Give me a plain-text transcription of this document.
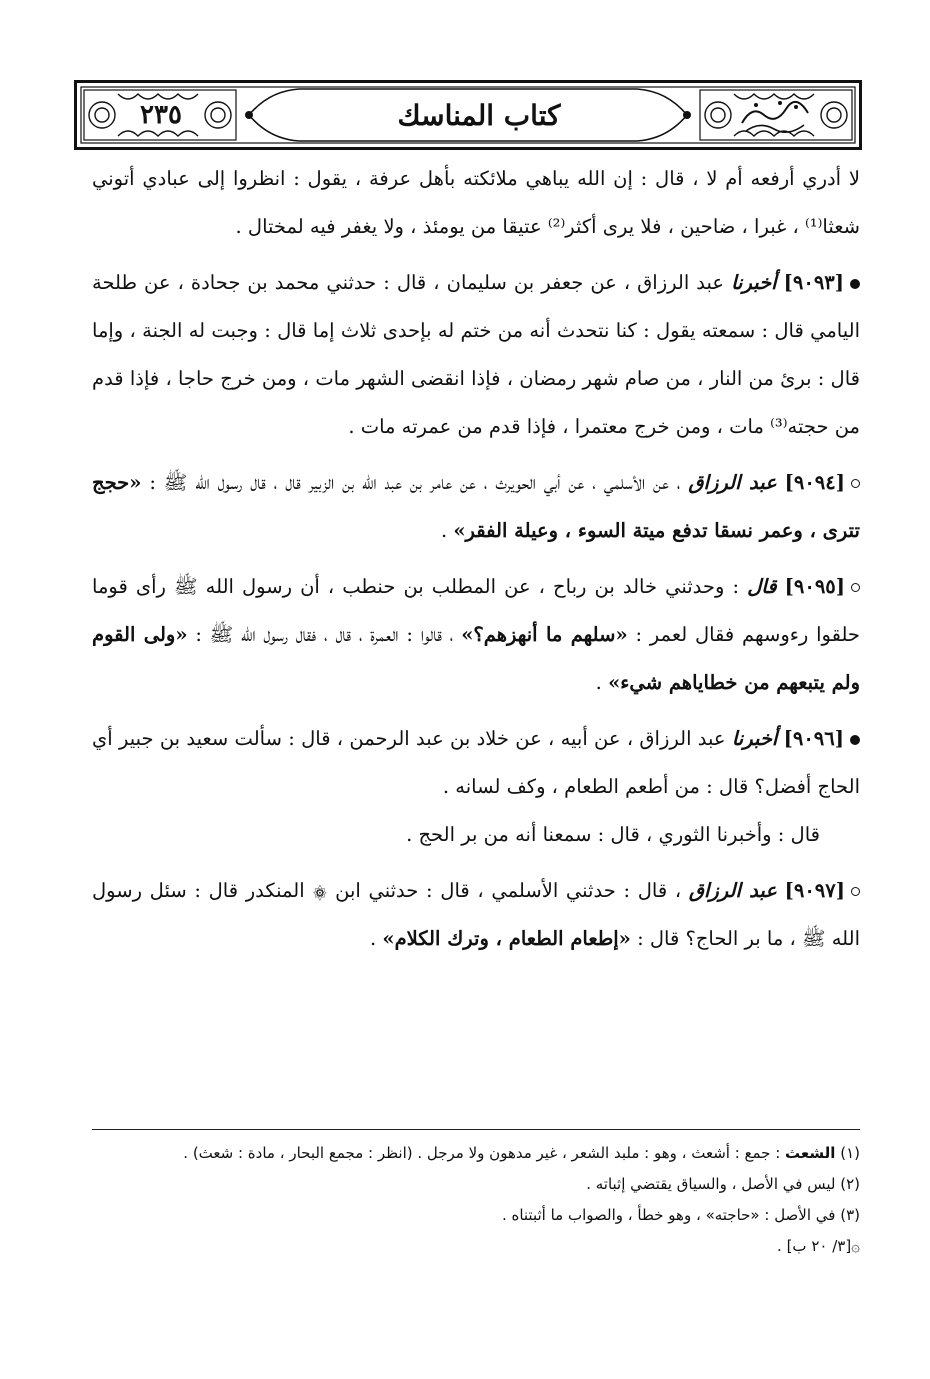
٢٣٥	كتاب المناسك

لا أدري أرفعه أم لا ، قال : إن الله يباهي ملائكته بأهل عرفة ، يقول : انظروا إلى عبادي أتوني شعثا⁽¹⁾ ، غبرا ، ضاحين ، فلا يرى أكثر⁽²⁾ عتيقا من يومئذ ، ولا يغفر فيه لمختال .

[٩٠٩٣] أخبرنا عبد الرزاق ، عن جعفر بن سليمان ، قال : حدثني محمد بن جحادة ، عن طلحة اليامي قال : سمعته يقول : كنا نتحدث أنه من ختم له بإحدى ثلاث إما قال : وجبت له الجنة ، وإما قال : برئ من النار ، من صام شهر رمضان ، فإذا انقضى الشهر مات ، ومن خرج حاجا ، فإذا قدم من حجته⁽³⁾ مات ، ومن خرج معتمرا ، فإذا قدم من عمرته مات .

[٩٠٩٤] عبد الرزاق ، عن الأسلمي ، عن أبي الحويرث ، عن عامر بن عبد الله بن الزبير قال ، قال رسول الله ﷺ : «حجج تترى ، وعمر نسقا تدفع ميتة السوء ، وعيلة الفقر» .

[٩٠٩٥] قال : وحدثني خالد بن رباح ، عن المطلب بن حنطب ، أن رسول الله ﷺ رأى قوما حلقوا رءوسهم فقال لعمر : «سلهم ما أنهزهم؟» ، قالوا : العمرة ، قال ، فقال رسول الله ﷺ : «ولى القوم ولم يتبعهم من خطاياهم شيء» .

[٩٠٩٦] أخبرنا عبد الرزاق ، عن أبيه ، عن خلاد بن عبد الرحمن ، قال : سألت سعيد بن جبير أي الحاج أفضل؟ قال : من أطعم الطعام ، وكف لسانه .

قال : وأخبرنا الثوري ، قال : سمعنا أنه من بر الحج .

[٩٠٩٧] عبد الرزاق ، قال : حدثني الأسلمي ، قال : حدثني ابن ۞ المنكدر قال : سئل رسول الله ﷺ ، ما بر الحاج؟ قال : «إطعام الطعام ، وترك الكلام» .

(١) الشعث : جمع : أشعث ، وهو : ملبد الشعر ، غير مدهون ولا مرجل . (انظر : مجمع البحار ، مادة : شعث) .

(٢) ليس في الأصل ، والسياق يقتضي إثباته .

(٣) في الأصل : «حاجته» ، وهو خطأ ، والصواب ما أثبتناه .

۞[٣/ ٢٠ ب] .
